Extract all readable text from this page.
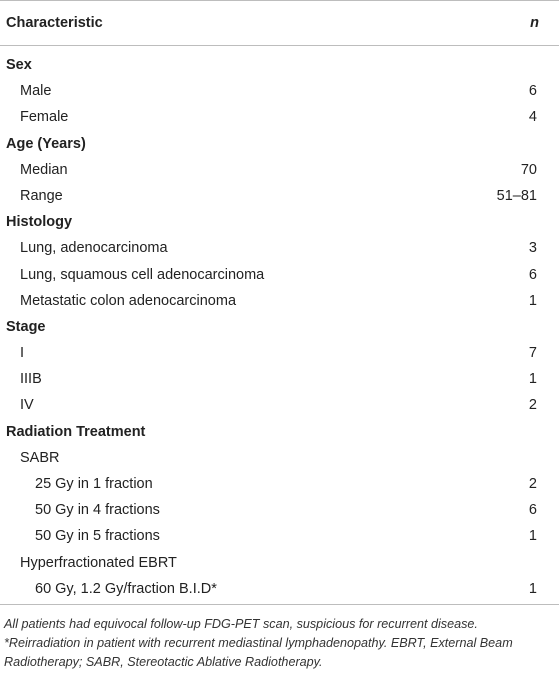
Characteristic	n
Sex
Male	6
Female	4
Age (Years)
Median	70
Range	51–81
Histology
Lung, adenocarcinoma	3
Lung, squamous cell adenocarcinoma	6
Metastatic colon adenocarcinoma	1
Stage
I	7
IIIB	1
IV	2
Radiation Treatment
SABR
25 Gy in 1 fraction	2
50 Gy in 4 fractions	6
50 Gy in 5 fractions	1
Hyperfractionated EBRT
60 Gy, 1.2 Gy/fraction B.I.D*	1
All patients had equivocal follow-up FDG-PET scan, suspicious for recurrent disease. *Reirradiation in patient with recurrent mediastinal lymphadenopathy. EBRT, External Beam Radiotherapy; SABR, Stereotactic Ablative Radiotherapy.
